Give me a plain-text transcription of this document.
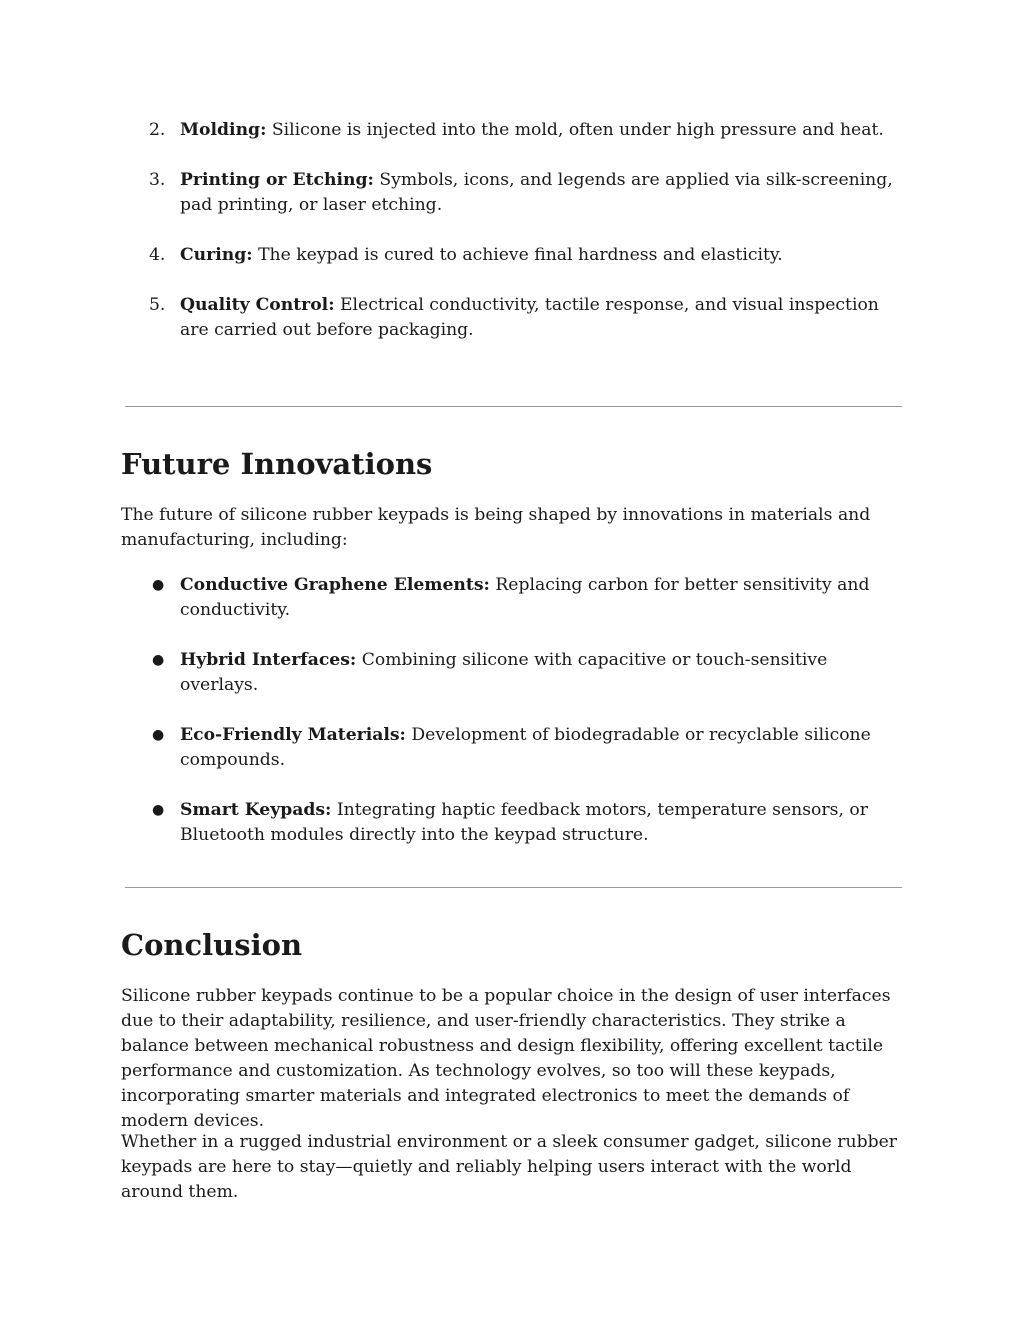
2. Molding: Silicone is injected into the mold, often under high pressure and heat.
3. Printing or Etching: Symbols, icons, and legends are applied via silk-screening, pad printing, or laser etching.
4. Curing: The keypad is cured to achieve final hardness and elasticity.
5. Quality Control: Electrical conductivity, tactile response, and visual inspection are carried out before packaging.
Future Innovations

The future of silicone rubber keypads is being shaped by innovations in materials and manufacturing, including:

● Conductive Graphene Elements: Replacing carbon for better sensitivity and conductivity.
● Hybrid Interfaces: Combining silicone with capacitive or touch-sensitive overlays.
● Eco-Friendly Materials: Development of biodegradable or recyclable silicone compounds.
● Smart Keypads: Integrating haptic feedback motors, temperature sensors, or Bluetooth modules directly into the keypad structure.
Conclusion

Silicone rubber keypads continue to be a popular choice in the design of user interfaces due to their adaptability, resilience, and user-friendly characteristics. They strike a balance between mechanical robustness and design flexibility, offering excellent tactile performance and customization. As technology evolves, so too will these keypads, incorporating smarter materials and integrated electronics to meet the demands of modern devices.

Whether in a rugged industrial environment or a sleek consumer gadget, silicone rubber keypads are here to stay—quietly and reliably helping users interact with the world around them.
